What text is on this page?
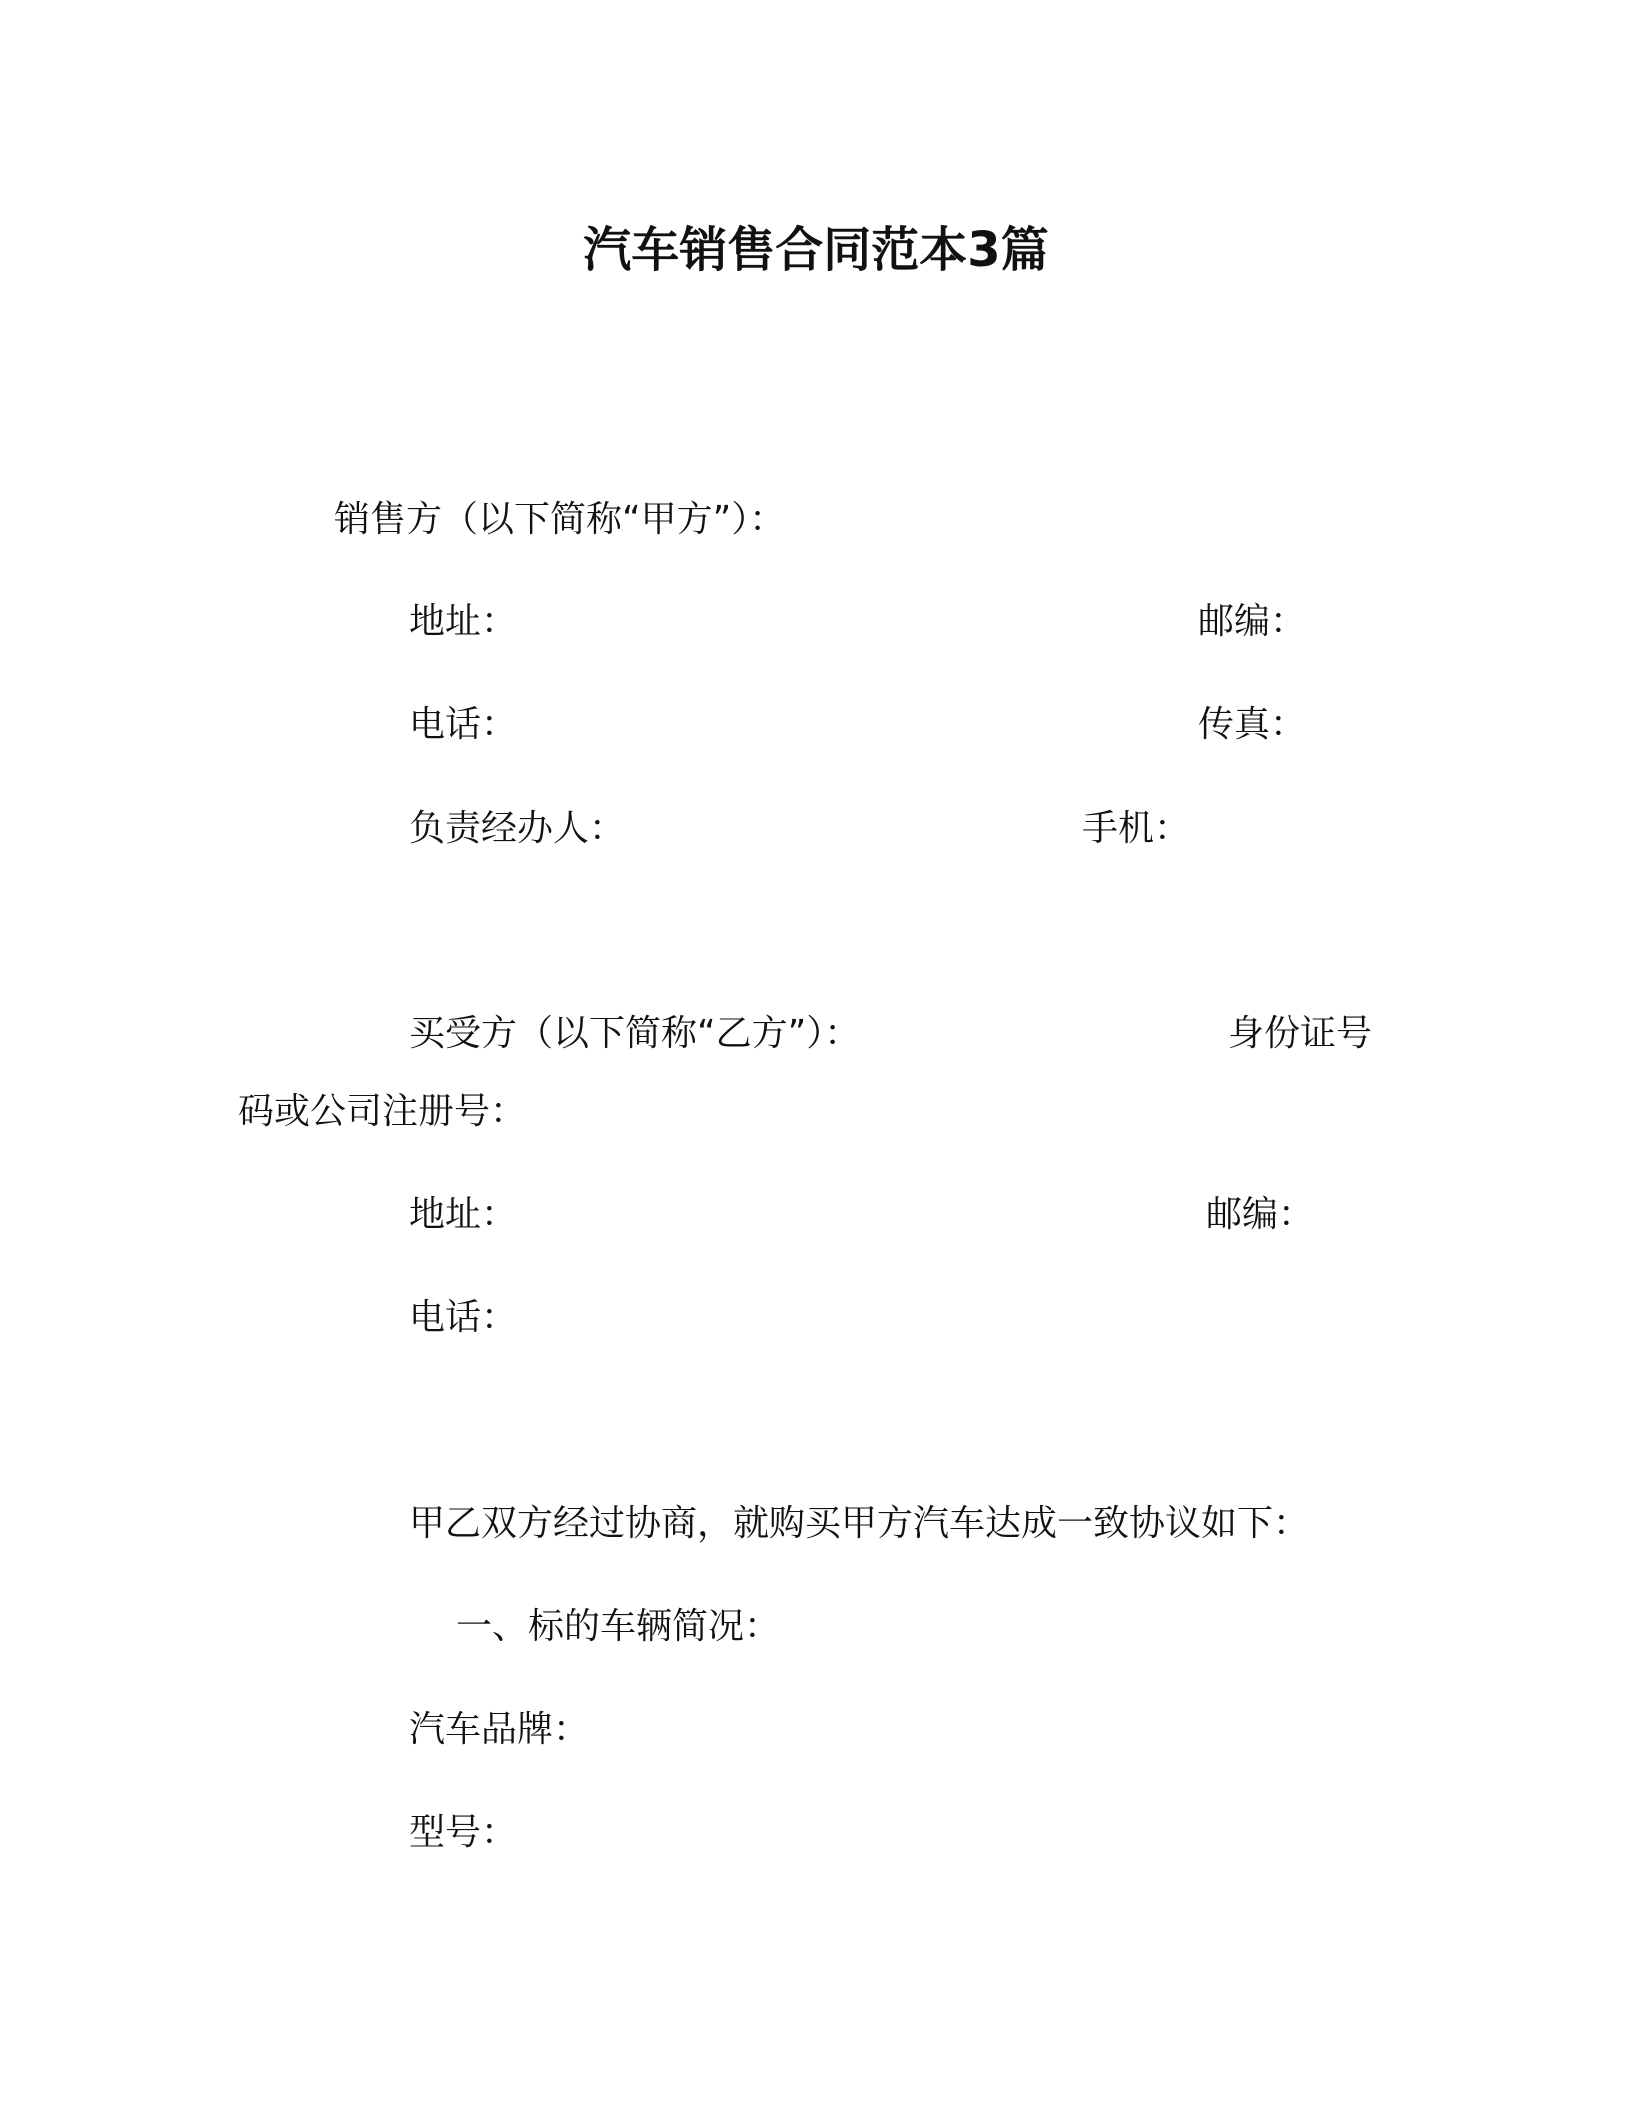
汽车销售合同范本3篇
销售方（以下简称“甲方”）：
地址：	邮编：
电话：	传真：
负责经办人：	手机：
买受方（以下简称“乙方”）：	身份证号
码或公司注册号：
地址：	邮编：
电话：
甲乙双方经过协商，就购买甲方汽车达成一致协议如下：
一、标的车辆简况：
汽车品牌：
型号：
